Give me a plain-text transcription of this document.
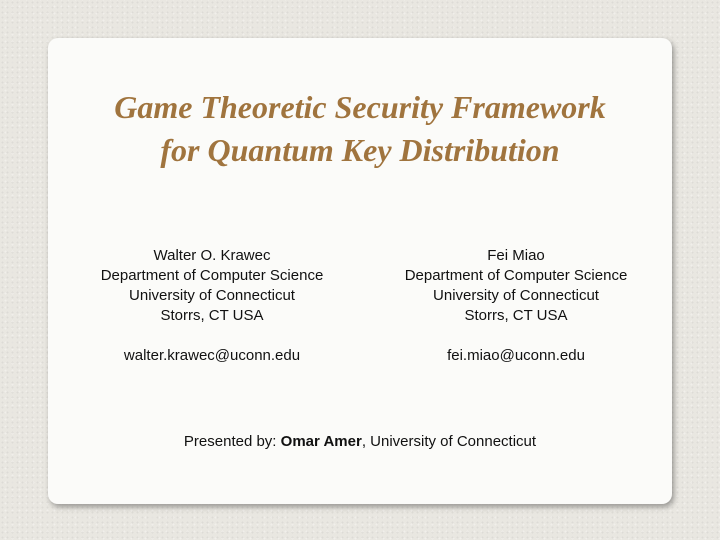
Game Theoretic Security Framework
for Quantum Key Distribution
Walter O. Krawec
Department of Computer Science
University of Connecticut
Storrs, CT USA
walter.krawec@uconn.edu
Fei Miao
Department of Computer Science
University of Connecticut
Storrs, CT USA
fei.miao@uconn.edu
Presented by: Omar Amer, University of Connecticut
